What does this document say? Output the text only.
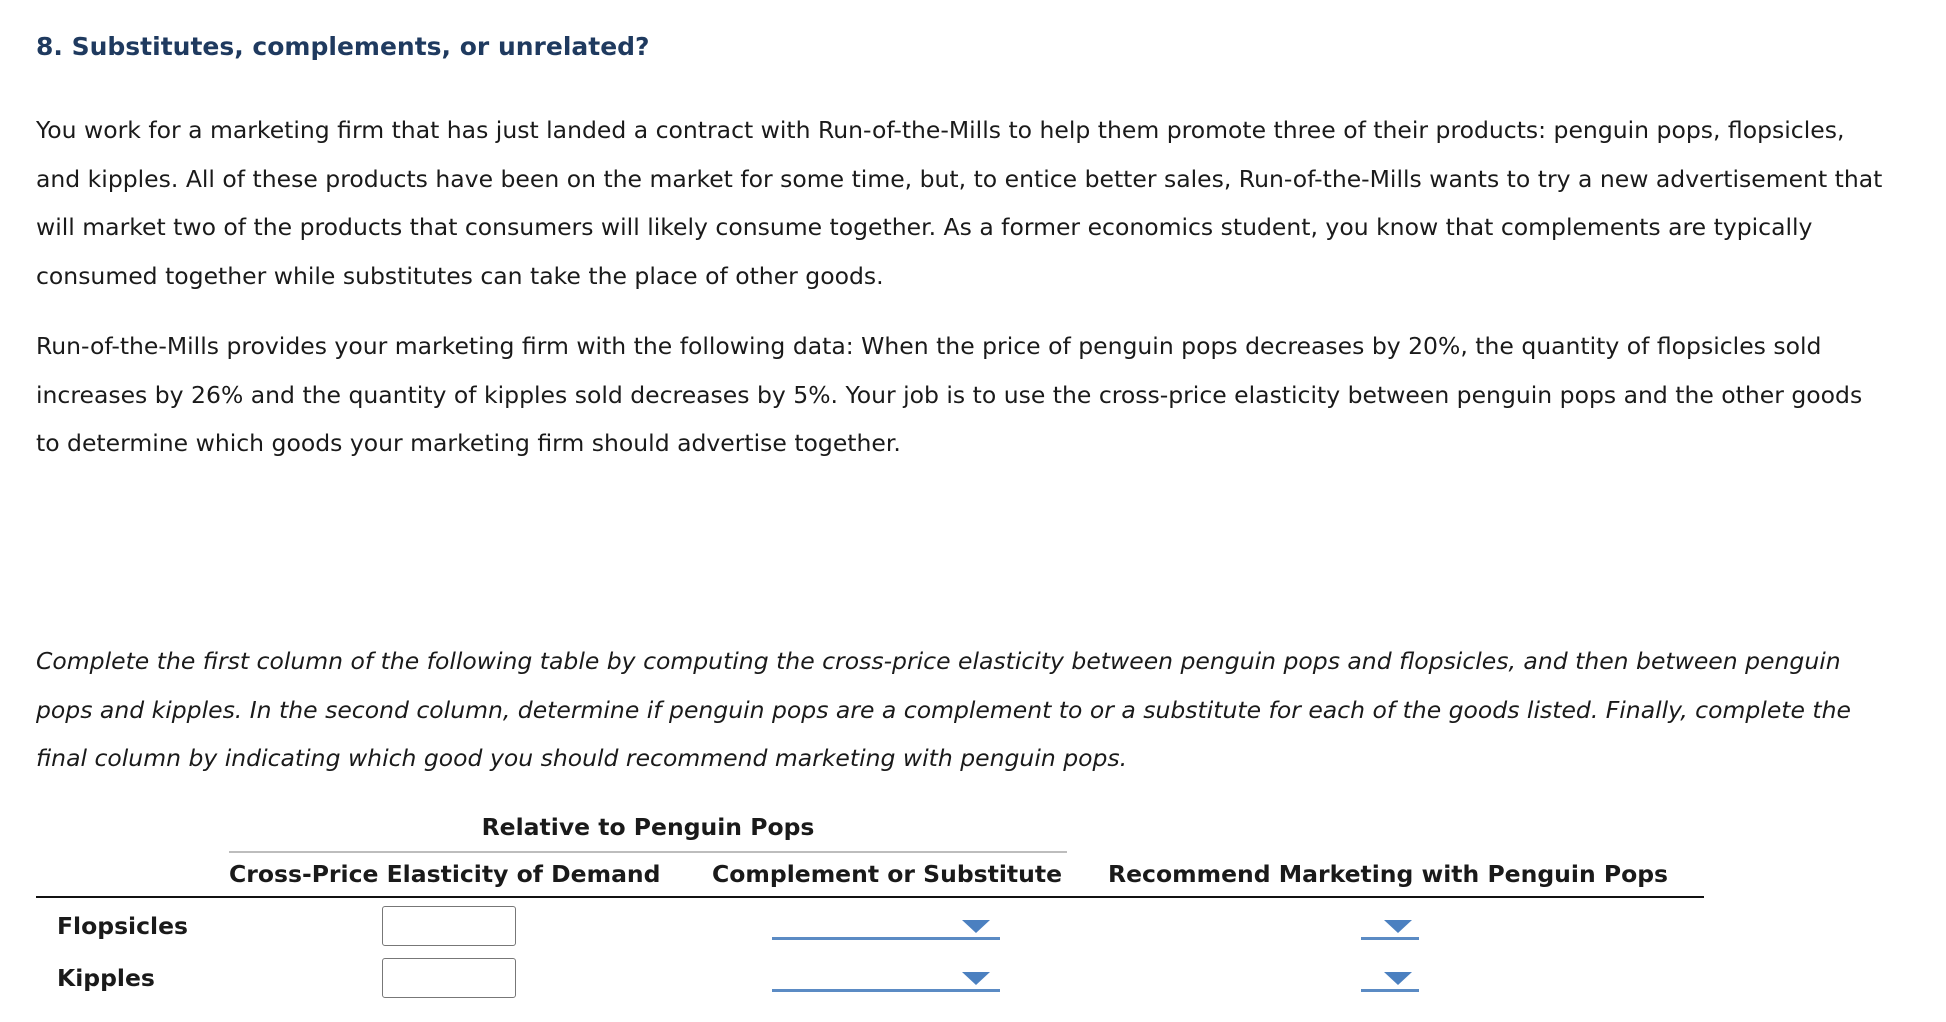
8. Substitutes, complements, or unrelated?

You work for a marketing firm that has just landed a contract with Run-of-the-Mills to help them promote three of their products: penguin pops, flopsicles, and kipples. All of these products have been on the market for some time, but, to entice better sales, Run-of-the-Mills wants to try a new advertisement that will market two of the products that consumers will likely consume together. As a former economics student, you know that complements are typically consumed together while substitutes can take the place of other goods.

Run-of-the-Mills provides your marketing firm with the following data: When the price of penguin pops decreases by 20%, the quantity of flopsicles sold increases by 26% and the quantity of kipples sold decreases by 5%. Your job is to use the cross-price elasticity between penguin pops and the other goods to determine which goods your marketing firm should advertise together.

Complete the first column of the following table by computing the cross-price elasticity between penguin pops and flopsicles, and then between penguin pops and kipples. In the second column, determine if penguin pops are a complement to or a substitute for each of the goods listed. Finally, complete the final column by indicating which good you should recommend marketing with penguin pops.

Relative to Penguin Pops
Cross-Price Elasticity of Demand Complement or Substitute Recommend Marketing with Penguin Pops
Flopsicles
Kipples
